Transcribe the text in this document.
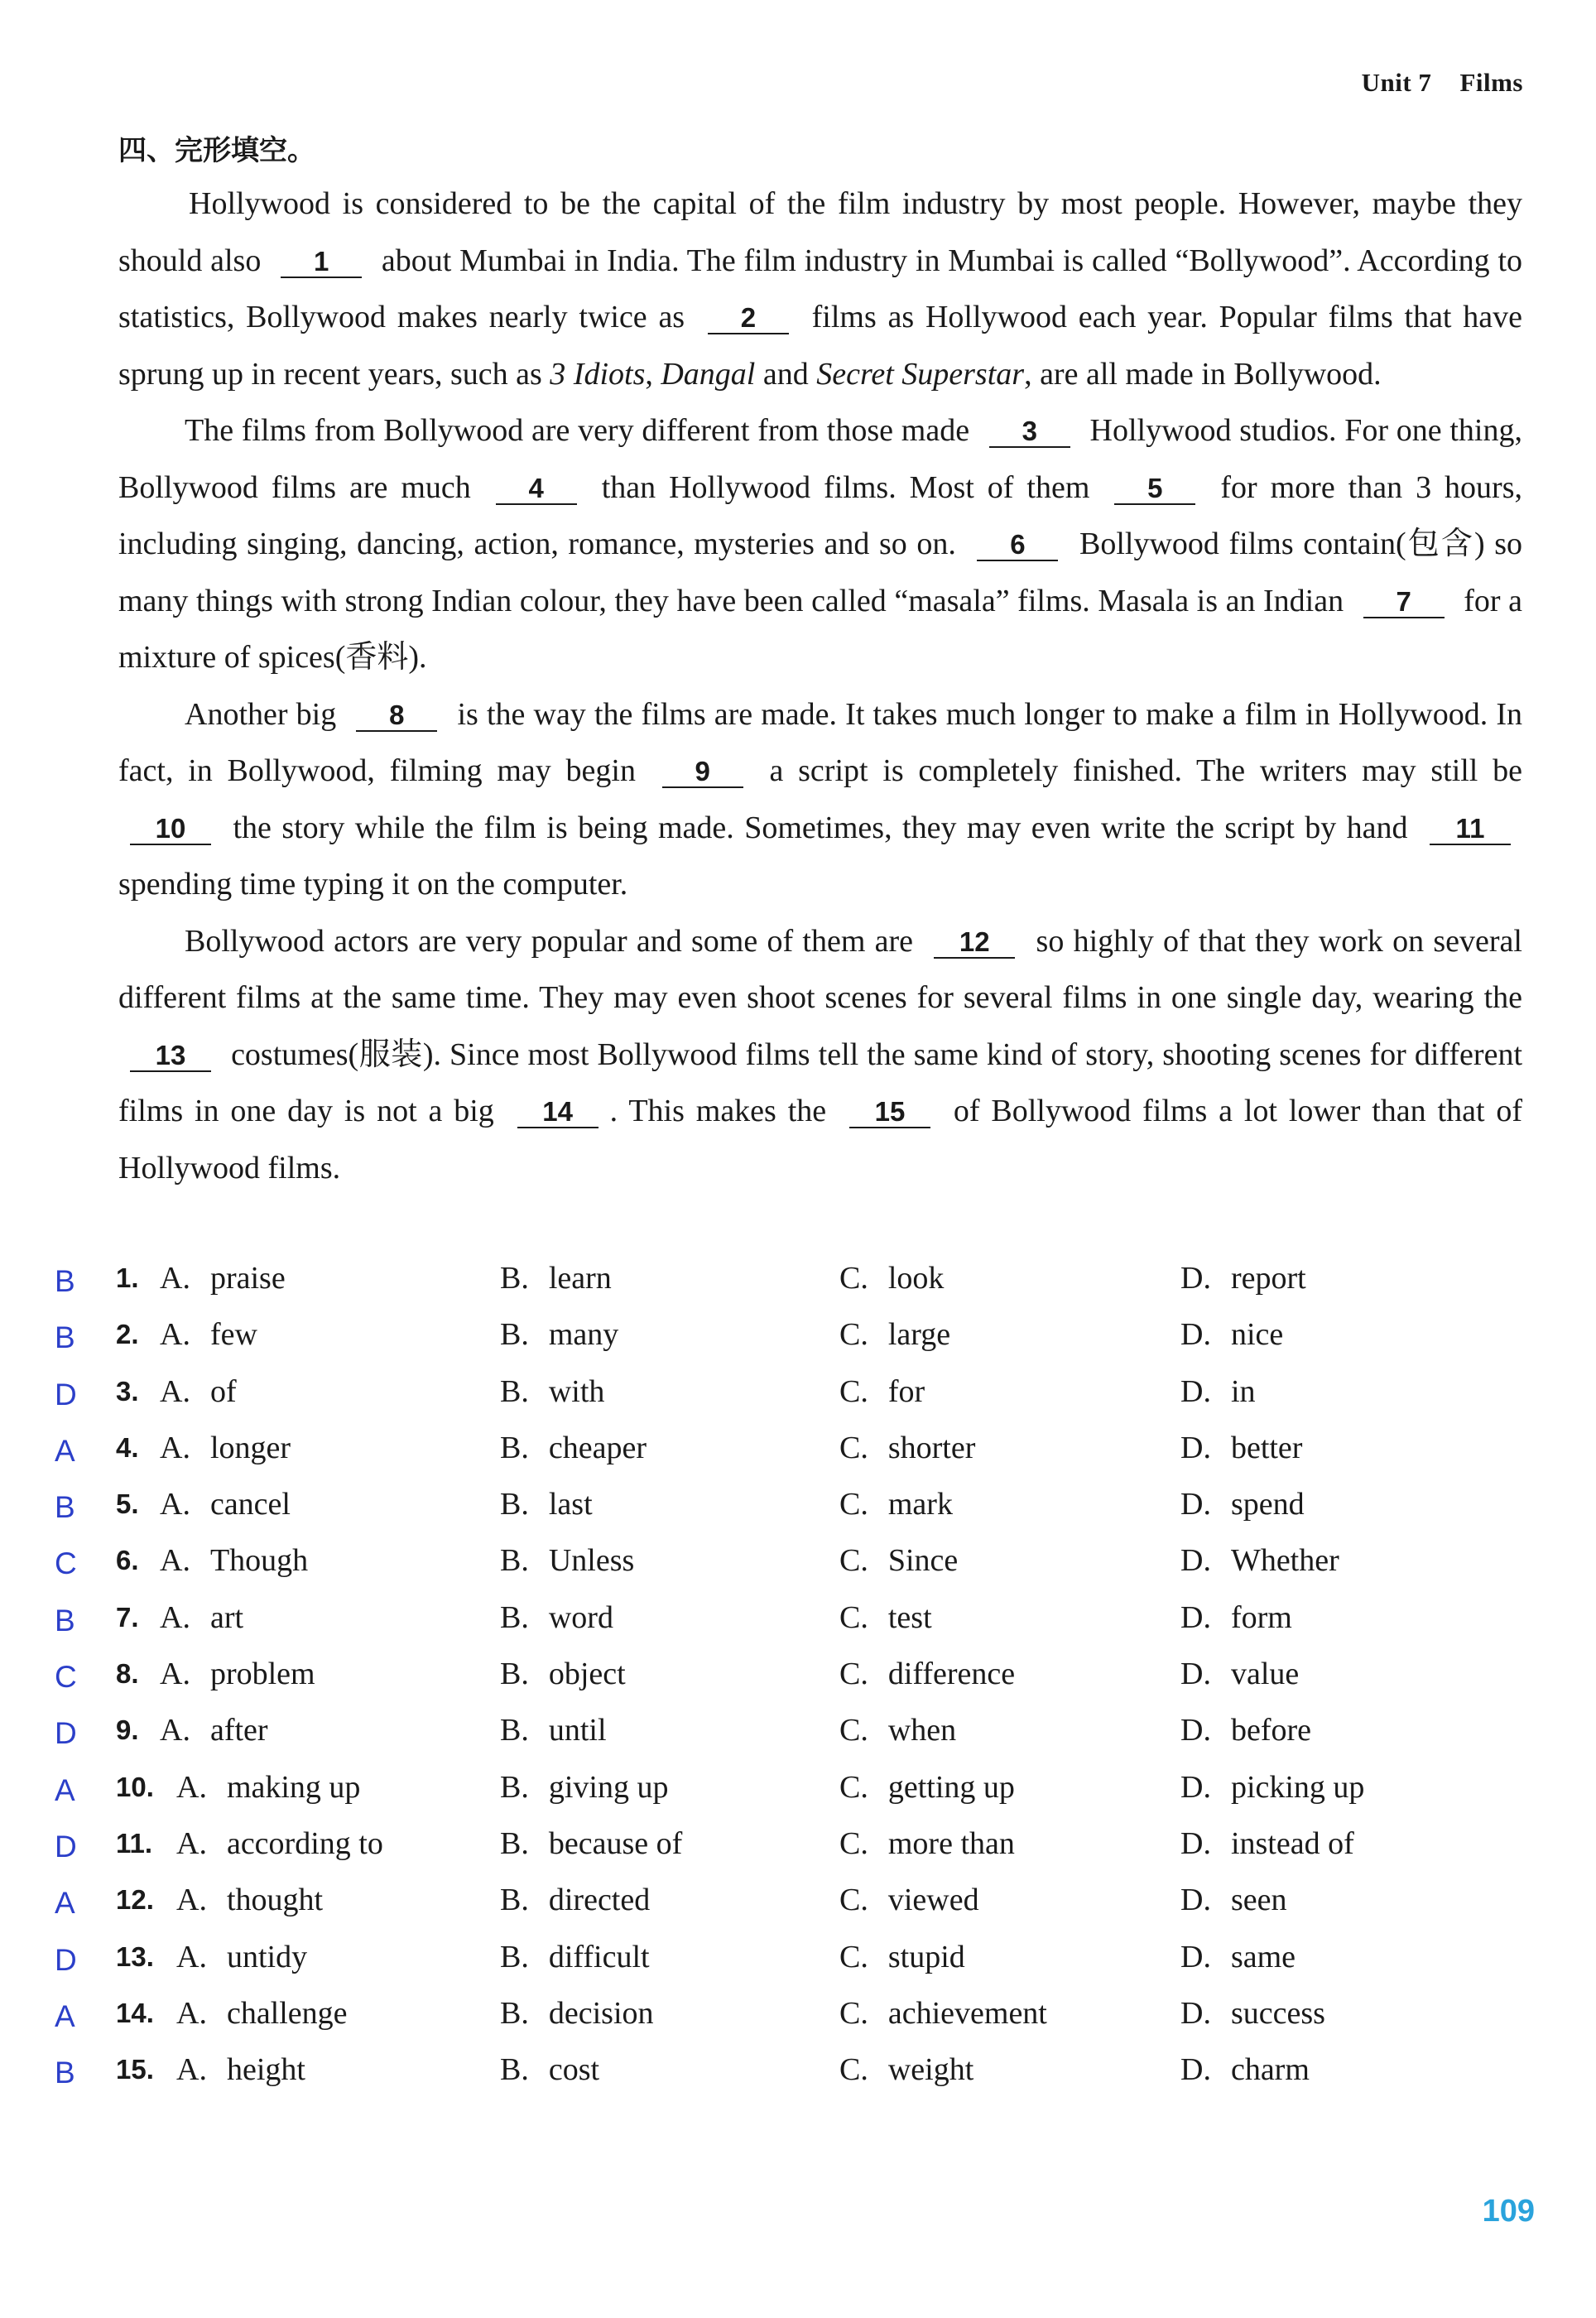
Unit 7 Films
四、完形填空。

Hollywood is considered to be the capital of the film industry by most people. However, maybe they should also 1 about Mumbai in India. The film industry in Mumbai is called “Bollywood”. According to statistics, Bollywood makes nearly twice as 2 films as Hollywood each year. Popular films that have sprung up in recent years, such as 3 Idiots, Dangal and Secret Superstar, are all made in Bollywood.

The films from Bollywood are very different from those made 3 Hollywood studios. For one thing, Bollywood films are much 4 than Hollywood films. Most of them 5 for more than 3 hours, including singing, dancing, action, romance, mysteries and so on. 6 Bollywood films contain(包含) so many things with strong Indian colour, they have been called “masala” films. Masala is an Indian 7 for a mixture of spices(香料).

Another big 8 is the way the films are made. It takes much longer to make a film in Hollywood. In fact, in Bollywood, filming may begin 9 a script is completely finished. The writers may still be 10 the story while the film is being made. Sometimes, they may even write the script by hand 11 spending time typing it on the computer.

Bollywood actors are very popular and some of them are 12 so highly of that they work on several different films at the same time. They may even shoot scenes for several films in one single day, wearing the 13 costumes(服装). Since most Bollywood films tell the same kind of story, shooting scenes for different films in one day is not a big 14 . This makes the 15 of Bollywood films a lot lower than that of Hollywood films.

B 1. A. praise	B. learn	C. look	D. report
B 2. A. few	B. many	C. large	D. nice
D 3. A. of	B. with	C. for	D. in
A 4. A. longer	B. cheaper	C. shorter	D. better
B 5. A. cancel	B. last	C. mark	D. spend
C 6. A. Though	B. Unless	C. Since	D. Whether
B 7. A. art	B. word	C. test	D. form
C 8. A. problem	B. object	C. difference	D. value
D 9. A. after	B. until	C. when	D. before
A 10. A. making up	B. giving up	C. getting up	D. picking up
D 11. A. according to	B. because of	C. more than	D. instead of
A 12. A. thought	B. directed	C. viewed	D. seen
D 13. A. untidy	B. difficult	C. stupid	D. same
A 14. A. challenge	B. decision	C. achievement	D. success
B 15. A. height	B. cost	C. weight	D. charm
109
